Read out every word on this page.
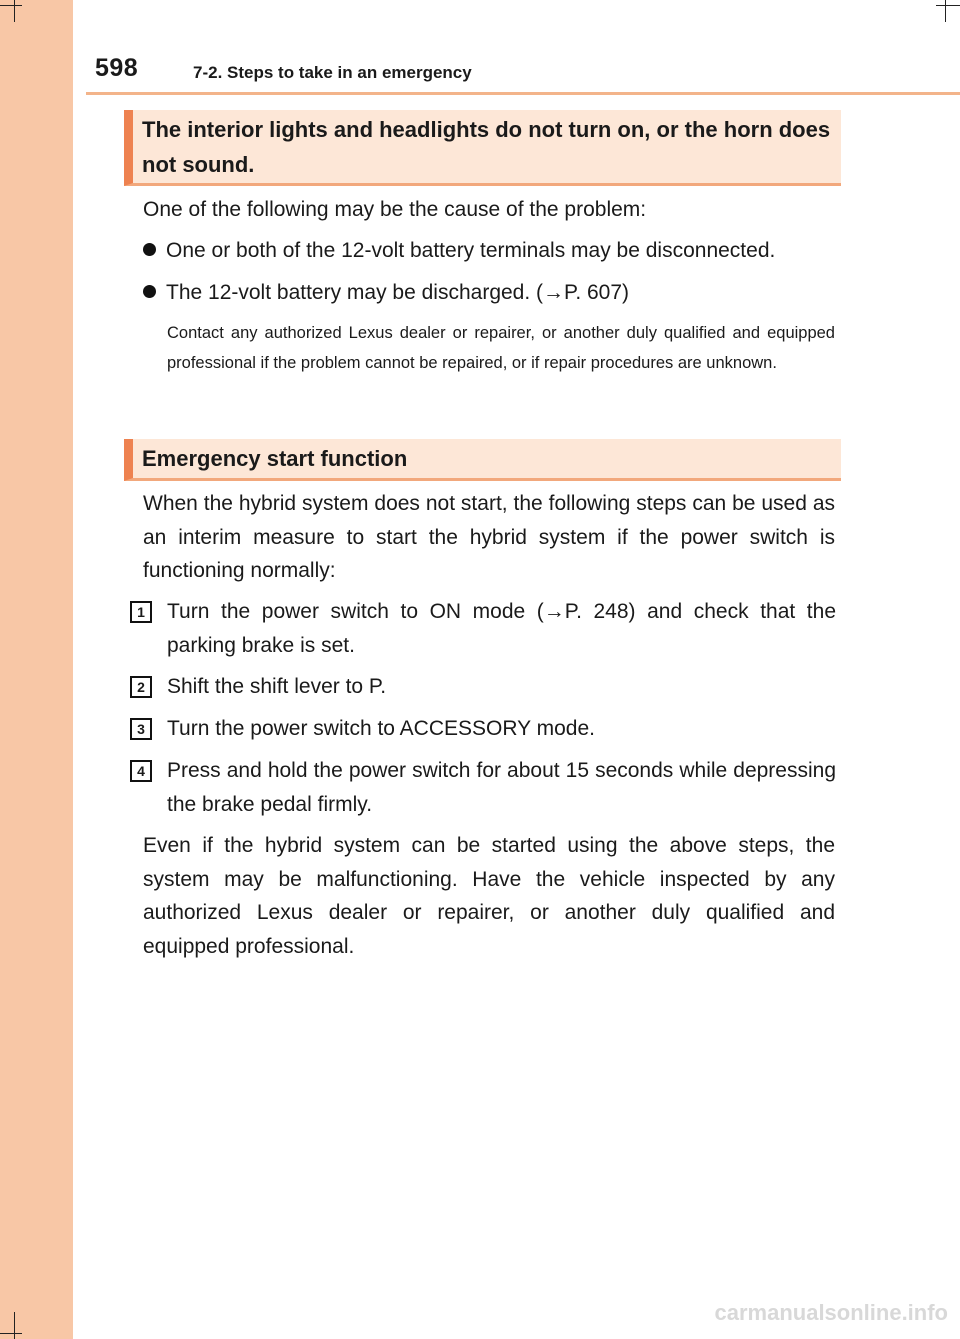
598	7-2. Steps to take in an emergency
The interior lights and headlights do not turn on, or the horn does not sound.

One of the following may be the cause of the problem:

One or both of the 12-volt battery terminals may be disconnected.
The 12-volt battery may be discharged. (→P. 607)

Contact any authorized Lexus dealer or repairer, or another duly qualified and equipped professional if the problem cannot be repaired, or if repair procedures are unknown.

Emergency start function

When the hybrid system does not start, the following steps can be used as an interim measure to start the hybrid system if the power switch is functioning normally:

1	Turn the power switch to ON mode (→P. 248) and check that the parking brake is set.
2	Shift the shift lever to P.
3	Turn the power switch to ACCESSORY mode.
4	Press and hold the power switch for about 15 seconds while depressing the brake pedal firmly.

Even if the hybrid system can be started using the above steps, the system may be malfunctioning. Have the vehicle inspected by any authorized Lexus dealer or repairer, or another duly qualified and equipped professional.

carmanualsonline.info
